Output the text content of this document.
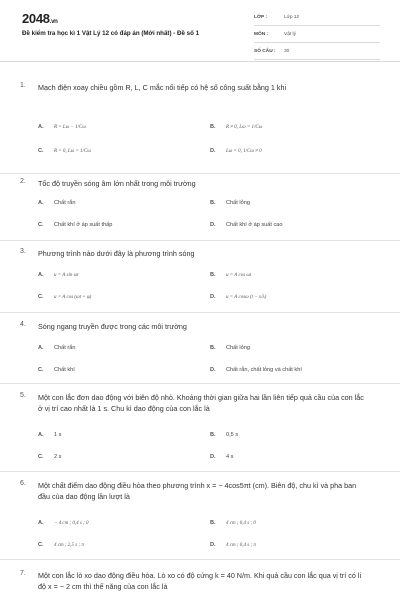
2048.vn
Đề kiểm tra học kì 1 Vật Lý 12 có đáp án (Mới nhất) - Đề số 1
LỚP :	Lớp 12
MÔN :	Vật lý
SỐ CÂU : 30
1. Mạch điện xoay chiều gồm R, L, C mắc nối tiếp có hệ số công suất bằng 1 khi
A. R = Lω − 1/Cω	B. R ≠ 0, Lω = 1/Cω
C. R = 0, Lω = 1/Cω	D. Lω = 0, 1/Cω ≠ 0
2. Tốc độ truyền sóng âm lớn nhất trong môi trường
A. Chất rắn	B. Chất lỏng
C. Chất khí ở áp suất thấp	D. Chất khí ở áp suất cao
3. Phương trình nào dưới đây là phương trình sóng
A. u = A sin ωt	B. u = A cos ωt
C. u = A cos (ωt + φ)	D. u = A cosω (t − x/λ)
4. Sóng ngang truyền được trong các môi trường
A. Chất rắn	B. Chất lỏng
C. Chất khí	D. Chất rắn, chất lỏng và chất khí
5. Một con lắc đơn dao động với biên độ nhỏ. Khoảng thời gian giữa hai lần liên tiếp quả cầu của con lắc ở vị trí cao nhất là 1 s. Chu kì dao động của con lắc là
A. 1 s	B. 0,5 s
C. 2 s	D. 4 s
6. Một chất điểm dao động điều hòa theo phương trình x = − 4cos5πt (cm). Biên độ, chu kì và pha ban đầu của dao động lần lượt là
A. − 4 cm ; 0,4 s ; 0	B. 4 cm ; 0,4 s ; 0
C. 4 cm ; 2,5 s ; π	D. 4 cm ; 0,4 s ; π
7. Một con lắc lò xo dao động điều hòa. Lò xo có độ cứng k = 40 N/m. Khi quả cầu con lắc qua vị trí có li độ x = − 2 cm thì thế năng của con lắc là
